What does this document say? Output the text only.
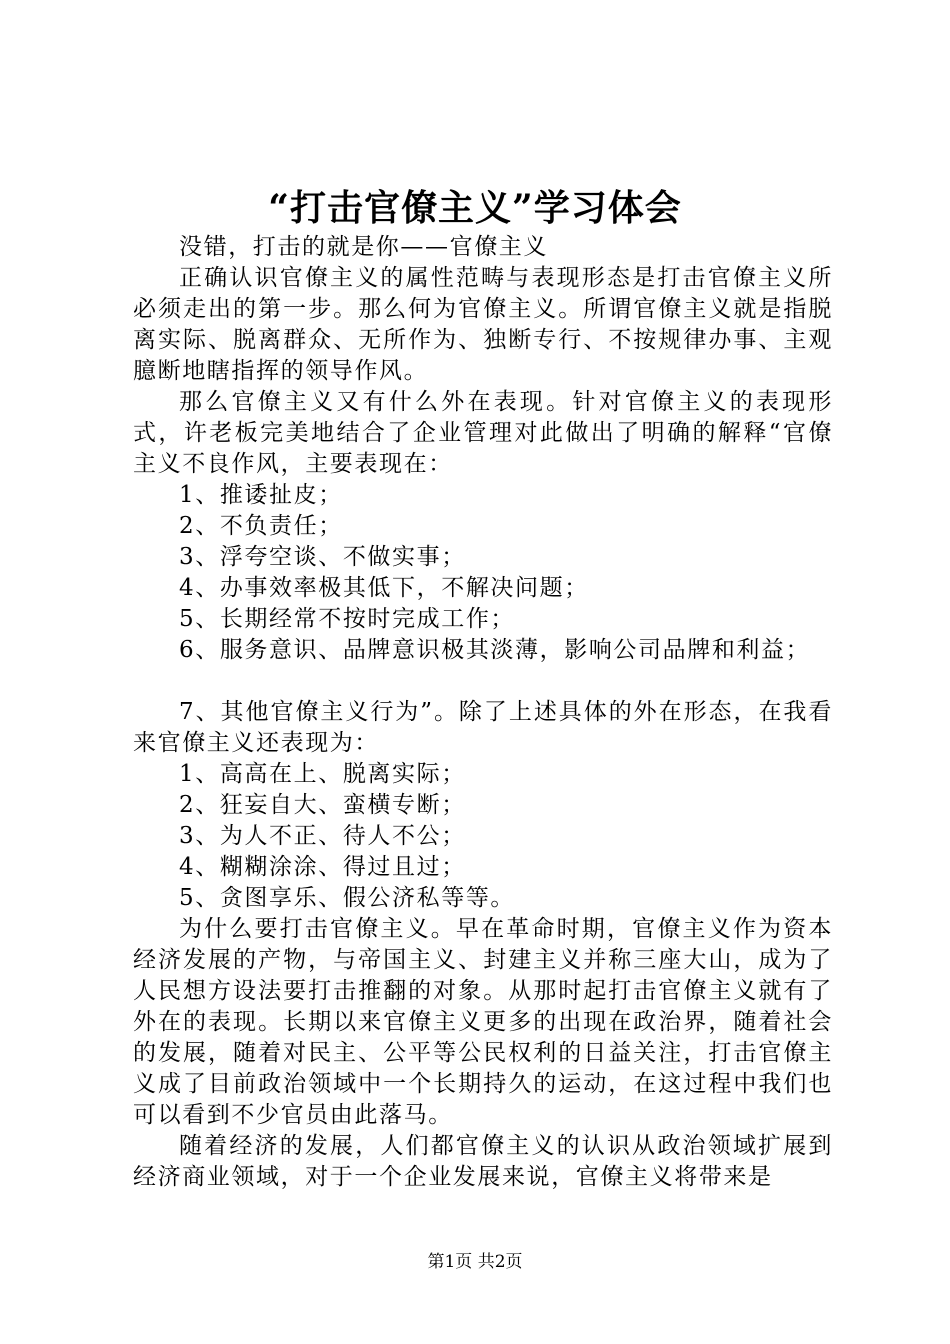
“打击官僚主义”学习体会

没错，打击的就是你——官僚主义

正确认识官僚主义的属性范畴与表现形态是打击官僚主义所必须走出的第一步。那么何为官僚主义。所谓官僚主义就是指脱离实际、脱离群众、无所作为、独断专行、不按规律办事、主观臆断地瞎指挥的领导作风。

那么官僚主义又有什么外在表现。针对官僚主义的表现形式，许老板完美地结合了企业管理对此做出了明确的解释“官僚主义不良作风，主要表现在：

1、推诿扯皮；

2、不负责任；

3、浮夸空谈、不做实事；

4、办事效率极其低下，不解决问题；

5、长期经常不按时完成工作；

6、服务意识、品牌意识极其淡薄，影响公司品牌和利益；

7、其他官僚主义行为”。除了上述具体的外在形态，在我看来官僚主义还表现为：

1、高高在上、脱离实际；

2、狂妄自大、蛮横专断；

3、为人不正、待人不公；

4、糊糊涂涂、得过且过；

5、贪图享乐、假公济私等等。

为什么要打击官僚主义。早在革命时期，官僚主义作为资本经济发展的产物，与帝国主义、封建主义并称三座大山，成为了人民想方设法要打击推翻的对象。从那时起打击官僚主义就有了外在的表现。长期以来官僚主义更多的出现在政治界，随着社会的发展，随着对民主、公平等公民权利的日益关注，打击官僚主义成了目前政治领域中一个长期持久的运动，在这过程中我们也可以看到不少官员由此落马。

随着经济的发展，人们都官僚主义的认识从政治领域扩展到经济商业领域，对于一个企业发展来说，官僚主义将带来是

第1页 共2页
